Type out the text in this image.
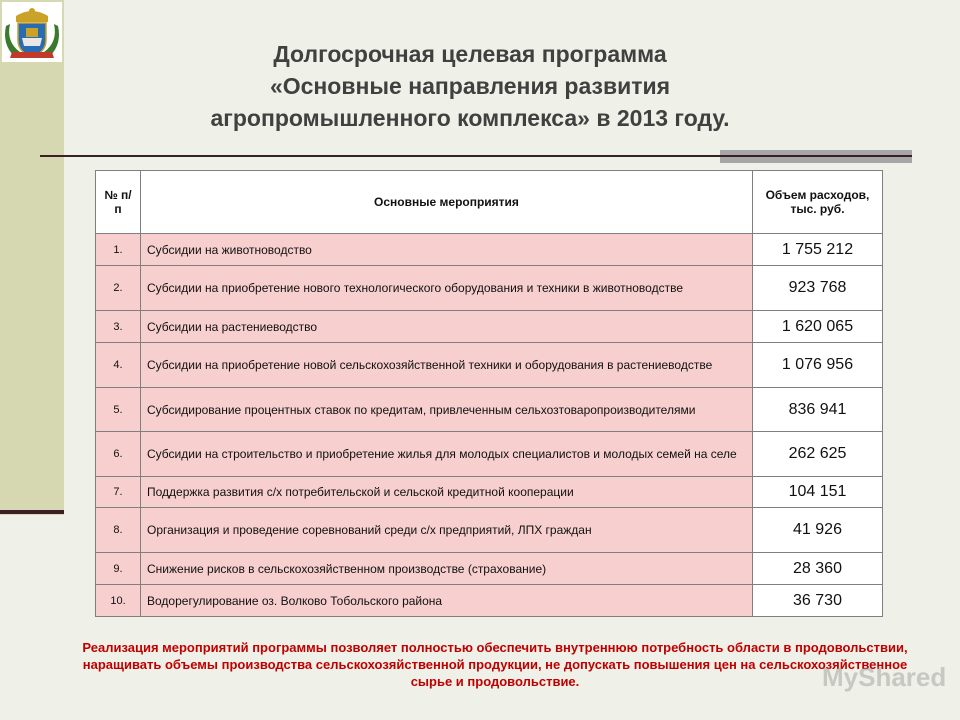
Долгосрочная целевая программа
«Основные направления развития
агропромышленного комплекса» в 2013 году.
№ п/п	Основные мероприятия	Объем расходов, тыс. руб.
1.	Субсидии на животноводство	1 755 212
2.	Субсидии на приобретение нового технологического оборудования и техники в животноводстве	923 768
3.	Субсидии на растениеводство	1 620 065
4.	Субсидии на приобретение новой сельскохозяйственной техники и оборудования в растениеводстве	1 076 956
5.	Субсидирование процентных ставок по кредитам, привлеченным сельхозтоваропроизводителями	836 941
6.	Субсидии на строительство и приобретение жилья для молодых специалистов и молодых семей на селе	262 625
7.	Поддержка развития с/х потребительской и сельской кредитной кооперации	104 151
8.	Организация и проведение соревнований среди с/х предприятий, ЛПХ граждан	41 926
9.	Снижение рисков в сельскохозяйственном производстве (страхование)	28 360
10.	Водорегулирование оз. Волково Тобольского района	36 730
Реализация мероприятий программы позволяет полностью обеспечить внутреннюю потребность области в продовольствии, наращивать объемы производства сельскохозяйственной продукции, не допускать повышения цен на сельскохозяйственное сырье и продовольствие.	MyShared
